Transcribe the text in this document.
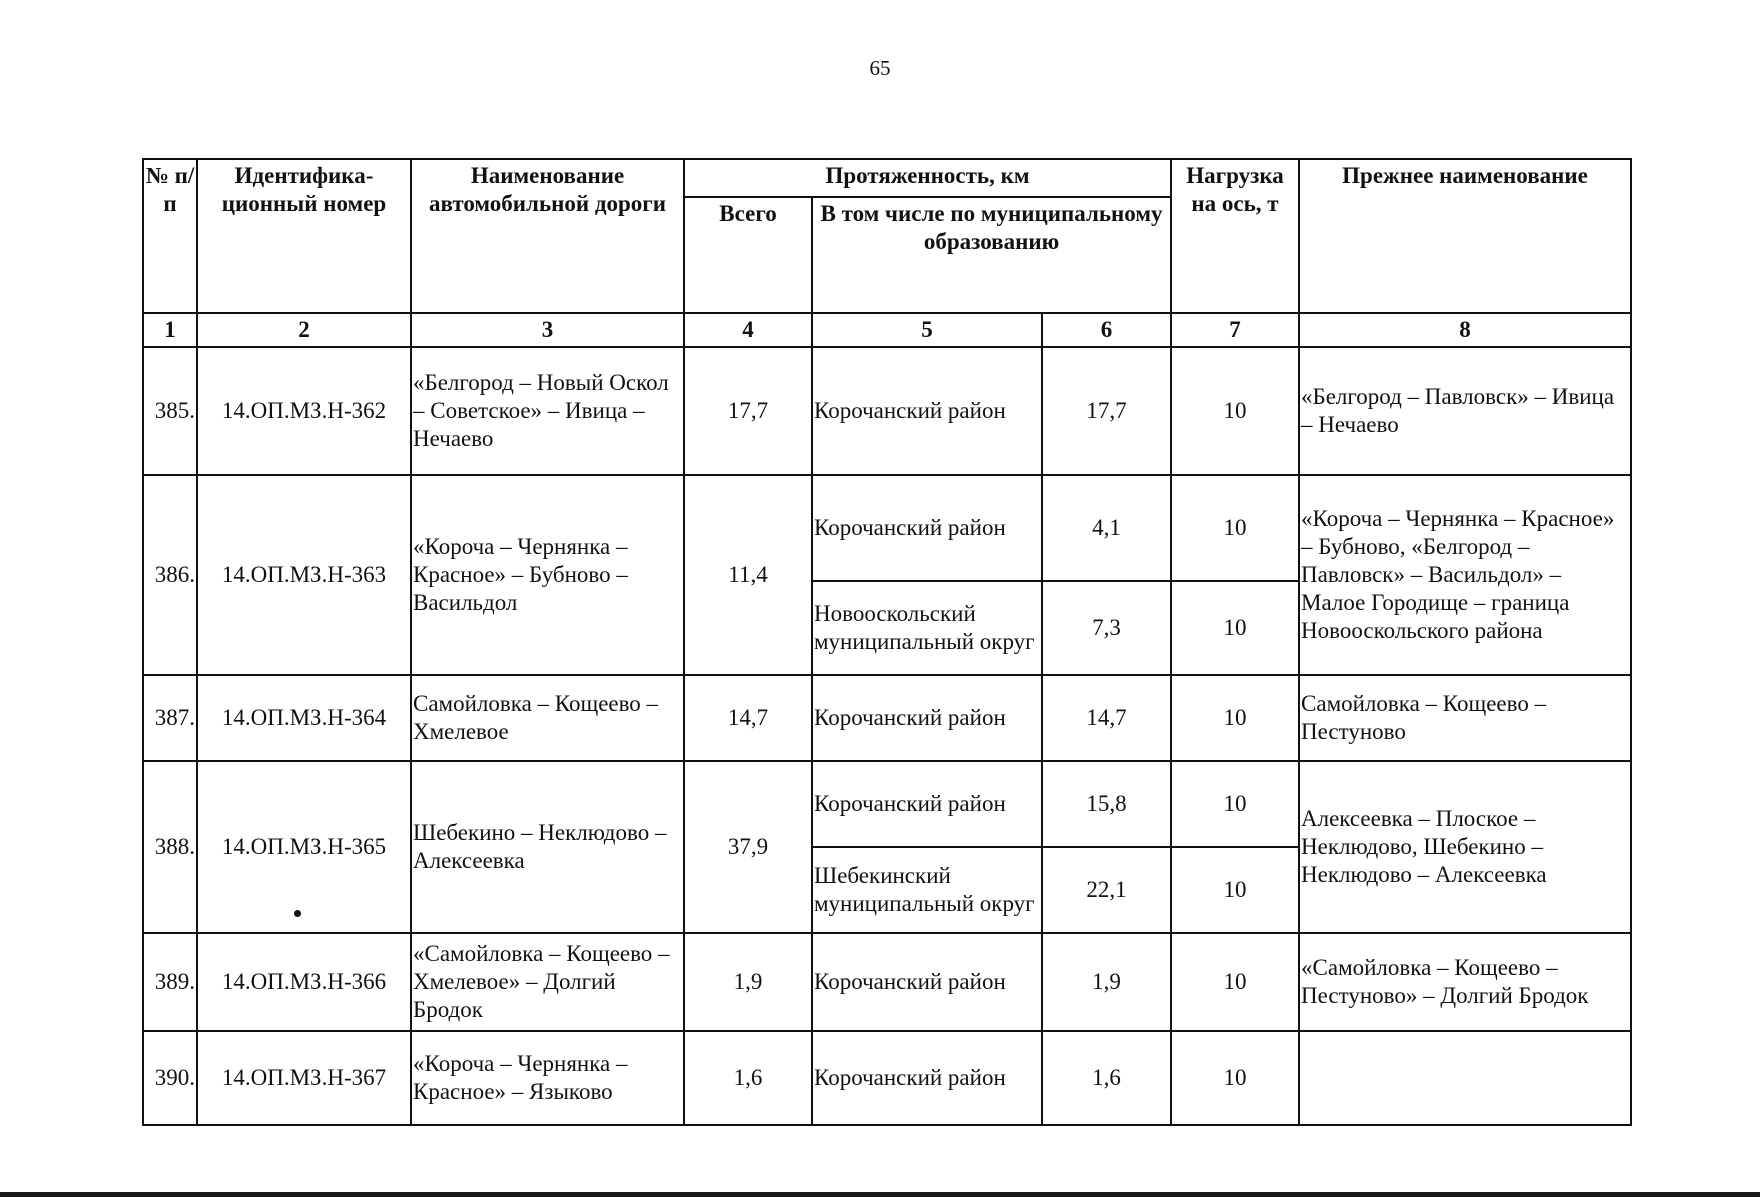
65
№ п/п	Идентифика-ционный номер	Наименование автомобильной дороги	Протяженность, км			Нагрузка на ось, т	Прежнее наименование
			Всего	В том числе по муниципальному образованию			
1	2	3	4	5	6	7	8
385.	14.ОП.МЗ.Н-362	«Белгород – Новый Оскол – Советское» – Ивица – Нечаево	17,7	Корочанский район	17,7	10	«Белгород – Павловск» – Ивица – Нечаево
386.	14.ОП.МЗ.Н-363	«Короча – Чернянка – Красное» – Бубново – Васильдол	11,4	Корочанский район	4,1	10	«Короча – Чернянка – Красное» – Бубново, «Белгород – Павловск» – Васильдол» – Малое Городище – граница Новооскольского района
				Новооскольский муниципальный округ	7,3	10	
387.	14.ОП.МЗ.Н-364	Самойловка – Кощеево – Хмелевое	14,7	Корочанский район	14,7	10	Самойловка – Кощеево – Пестуново
388.	14.ОП.МЗ.Н-365	Шебекино – Неклюдово – Алексеевка	37,9	Корочанский район	15,8	10	Алексеевка – Плоское – Неклюдово, Шебекино – Неклюдово – Алексеевка
				Шебекинский муниципальный округ	22,1	10	
389.	14.ОП.МЗ.Н-366	«Самойловка – Кощеево – Хмелевое» – Долгий Бродок	1,9	Корочанский район	1,9	10	«Самойловка – Кощеево – Пестуново» – Долгий Бродок
390.	14.ОП.МЗ.Н-367	«Короча – Чернянка – Красное» – Языково	1,6	Корочанский район	1,6	10	
